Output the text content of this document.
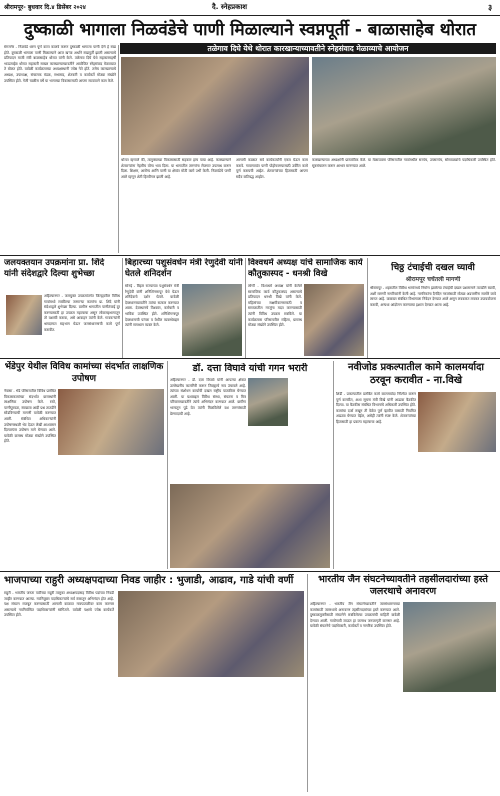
श्रीरामपूर- बुधवार दि.४ डिसेंबर २०२४	दै. स्नेहप्रकाश	३
दुष्काळी भागाला निळवंडेचे पाणी मिळाल्याने स्वप्नपूर्ती - बाळासाहेब थोरात
तळेगाव दिघे येथे थोरात कारखान्याच्यावतीने स्नेहसंवाद मेळाव्याचे आयोजन
संगमनेर - निळवंडे धरण पूर्ण करत कालवे करून दुष्काळी भागाला पाणी देणे हे स्वप्न होते. दुष्काळी भागाला पाणी मिळाल्याने आज खऱ्या अर्थाने स्वप्नपूर्ती झाली असल्याचे प्रतिपादन माजी मंत्री बाळासाहेब थोरात यांनी केले. तळेगाव दिघे येथे सहकारमहर्षी भाऊसाहेब थोरात सहकारी साखर कारखान्याच्यावतीने आयोजित स्नेहसंवाद मेळाव्यात ते बोलत होते. यावेळी कार्यक्रमाच्या अध्यक्षस्थानी ज्येष्ठ नेते होते. तसेच कारखान्याचे अध्यक्ष, उपाध्यक्ष, संचालक मंडळ, सभासद, शेतकरी व कार्यकर्ते मोठ्या संख्येने उपस्थित होते. गेली चाळीस वर्षे या भागाच्या विकासासाठी आपण सातत्याने काम केले.
थोरात म्हणाले की, तालुक्याच्या विकासासाठी सहकार हाच पाया आहे. कारखान्याने शेतकऱ्यांना नेहमीच योग्य भाव दिला. या भागातील तरुणांना रोजगार उपलब्ध करून दिला. शिक्षण, आरोग्य आणि पाणी या क्षेत्रांत मोठी कामे उभी केली. निळवंडेचे पाणी आले म्हणून शेती हिरवीगार झाली आहे.
आगामी काळात सर्व कार्यकर्त्यांनी एकत्र येऊन काम करावे. गावागावांत पाणी पोहोचवण्यासाठी उर्वरित कामे पूर्ण करायची आहेत. शेतकऱ्यांच्या हितासाठी आपण सदैव कटिबद्ध आहोत.
कारखान्याच्या अध्यक्षांनी प्रास्ताविक केले. या मेळाव्याला परिसरातील गावांमधील सरपंच, उपसरपंच, सोसायट्यांचे पदाधिकारी उपस्थित होते. सूत्रसंचालन करून आभार मानण्यात आले.
जलयक्तयान उपक्रमांना प्रा. शिंदे यांनी संदेशद्वारे दिल्या शुभेच्छा
अहिल्यानगर - जलयुक्त उपक्रमांतर्गत जिल्ह्यातील विविध गावांमध्ये राबविल्या जाणाऱ्या कामांना प्रा. शिंदे यांनी संदेशाद्वारे शुभेच्छा दिल्या. ग्रामीण भागातील पाणीटंचाई दूर करण्यासाठी हा उपक्रम महत्त्वाचा असून लोकसहभागातून तो यशस्वी करावा, असे आवाहन त्यांनी केले. गावकऱ्यांनी श्रमदानात सहभाग घेऊन जलसंधारणाची कामे पूर्ण करावीत.
बिहारच्या पशुसंवर्धन मंत्री रेणुदेवी यांनी घेतले शनिदर्शन
सोनई - बिहार राज्याच्या पशुसंवर्धन मंत्री रेणुदेवी यांनी शनिशिंगणापूर येथे येऊन शनिदेवाचे दर्शन घेतले. यावेळी देवस्थानच्यावतीने त्यांचा सत्कार करण्यात आला. देवस्थानचे विश्वस्त, कर्मचारी व भाविक उपस्थित होते. शनिशिंगणापूर देवस्थानाची परंपरा व येथील व्यवस्थेबद्दल त्यांनी समाधान व्यक्त केले.
विश्वधर्म अध्यक्ष यांचे सामाजिक कार्य कौतुकास्पद - धनश्री विखे
लोणी - विश्वधर्म अध्यक्ष यांनी केलेले सामाजिक कार्य कौतुकास्पद असल्याचे प्रतिपादन धनश्री विखे यांनी केले. महिलांच्या सक्षमीकरणासाठी व समाजातील गरजूंना मदत करण्यासाठी त्यांनी विविध उपक्रम राबविले. या कार्यक्रमास परिसरातील महिला, ग्रामस्थ मोठ्या संख्येने उपस्थित होते.
चिठ्ठ टंचाईची दखल घ्यावी
श्रीरामपूर चर्चेतली मागणी
श्रीरामपूर - शहरातील विविध भागांमध्ये निर्माण झालेल्या टंचाईची दखल प्रशासनाने तातडीने घ्यावी, अशी मागणी नागरिकांनी केली आहे. नागरिकांना दैनंदिन गरजांसाठी मोठ्या अडचणींना सामोरे जावे लागत आहे. याबाबत संबंधित विभागाला निवेदन देण्यात आले असून लवकरात लवकर उपाययोजना करावी, अन्यथा आंदोलन करण्याचा इशारा देण्यात आला आहे.
भेंडेपुर येथील विविध कामांच्या संदर्भात लाक्षणिक उपोषण
नेवासा - भेंडे परिसरातील विविध प्रलंबित विकासकामांच्या संदर्भात ग्रामस्थांनी लाक्षणिक उपोषण केले. रस्ते, पाणीपुरवठा, स्वच्छता आदी प्रश्न तातडीने सोडविण्याची मागणी यावेळी करण्यात आली. संबंधित अधिकाऱ्यांनी उपोषणस्थळी भेट देऊन लेखी आश्वासन दिल्यानंतर उपोषण मागे घेण्यात आले. यावेळी ग्रामस्थ मोठ्या संख्येने उपस्थित होते.
डॉ. दत्ता विघावे यांची गगन भरारी
अहिल्यानगर - डॉ. दत्ता विघावे यांनी आपल्या क्षेत्रात उल्लेखनीय कामगिरी करून जिल्ह्याचे नाव उंचावले आहे. त्यांच्या संशोधन कार्याची दखल राष्ट्रीय पातळीवर घेण्यात आली. या यशाबद्दल विविध संस्था, संघटना व मित्र परिवाराच्यावतीने त्यांचे अभिनंदन करण्यात आले. ग्रामीण भागातून पुढे येत त्यांनी मिळविलेले यश तरुणांसाठी प्रेरणादायी आहे.
नवीजोड प्रकल्पातील कामे कालमर्यादा ठरवून करावीत - ना.विखे
शिर्डी - प्रकल्पातील प्रलंबित कामे कालमर्यादा निश्चित करून पूर्ण करावीत, अशा सूचना मंत्री विखे यांनी आढावा बैठकीत दिल्या. या बैठकीस संबंधित विभागांचे अधिकारी उपस्थित होते. कामांचा दर्जा राखून ती वेळेत पूर्ण व्हावीत यासाठी नियमित आढावा घेण्यात येईल, असेही त्यांनी स्पष्ट केले. शेतकऱ्यांच्या हितासाठी हा प्रकल्प महत्त्वाचा आहे.
भाजपाच्या राहुरी अध्यक्षपदाच्या निवड जाहीर : भुजाडी, आढाव, गाडे यांची वर्णी
राहुरी - भारतीय जनता पार्टीच्या राहुरी तालुका अध्यक्षपदासह विविध पदांच्या निवडी जाहीर करण्यात आल्या. नवनियुक्त पदाधिकाऱ्यांचे सर्व स्तरातून अभिनंदन होत आहे. पक्ष संघटन मजबूत करण्यासाठी आगामी काळात गावपातळीवर काम करणार असल्याचे नवनिर्वाचित पदाधिकाऱ्यांनी सांगितले. यावेळी पक्षाचे ज्येष्ठ कार्यकर्ते उपस्थित होते.
भारतीय जैन संघटनेच्यावतीने तहसीलदारांच्या हस्ते जलरथाचे अनावरण
अहिल्यानगर - भारतीय जैन संघटनेच्यावतीने जलसंधारणाच्या कामांसाठी जलरथाचे अनावरण तहसीलदारांच्या हस्ते करण्यात आले. दुष्काळमुक्तीसाठी संघटनेने राबविलेल्या उपक्रमांची माहिती यावेळी देण्यात आली. गावोगावी जाऊन हा जलरथ जनजागृती करणार आहे. यावेळी संघटनेचे पदाधिकारी, कार्यकर्ते व नागरिक उपस्थित होते.
